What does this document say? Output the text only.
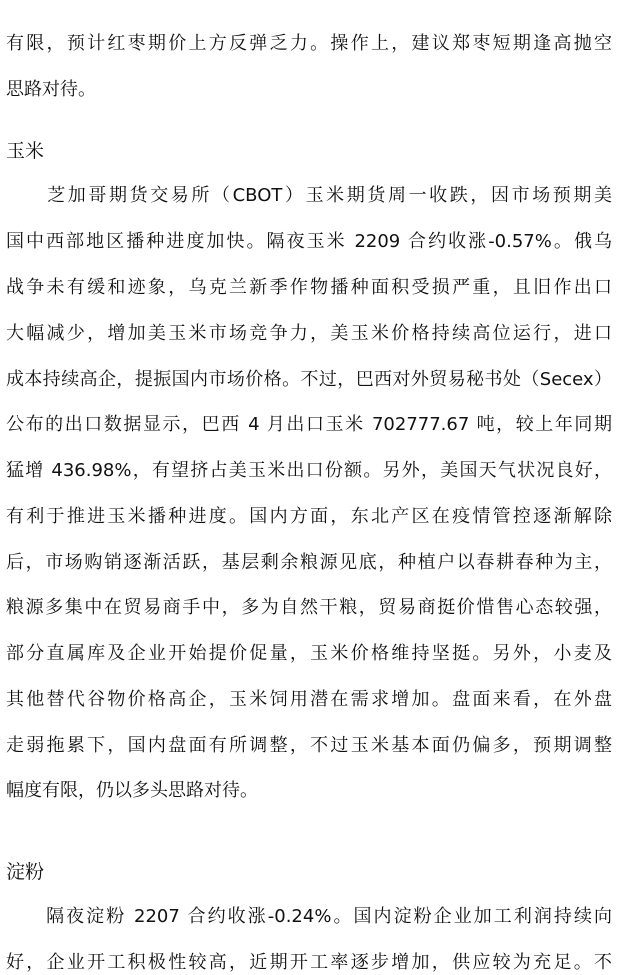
有限，预计红枣期价上方反弹乏力。操作上，建议郑枣短期逢高抛空
思路对待。
玉米
　　芝加哥期货交易所（CBOT）玉米期货周一收跌，因市场预期美
国中西部地区播种进度加快。隔夜玉米 2209 合约收涨-0.57%。俄乌
战争未有缓和迹象，乌克兰新季作物播种面积受损严重，且旧作出口
大幅减少，增加美玉米市场竞争力，美玉米价格持续高位运行，进口
成本持续高企，提振国内市场价格。不过，巴西对外贸易秘书处（Secex）
公布的出口数据显示，巴西 4 月出口玉米 702777.67 吨，较上年同期
猛增 436.98%，有望挤占美玉米出口份额。另外，美国天气状况良好，
有利于推进玉米播种进度。国内方面，东北产区在疫情管控逐渐解除
后，市场购销逐渐活跃，基层剩余粮源见底，种植户以春耕春种为主，
粮源多集中在贸易商手中，多为自然干粮，贸易商挺价惜售心态较强，
部分直属库及企业开始提价促量，玉米价格维持坚挺。另外，小麦及
其他替代谷物价格高企，玉米饲用潜在需求增加。盘面来看，在外盘
走弱拖累下，国内盘面有所调整，不过玉米基本面仍偏多，预期调整
幅度有限，仍以多头思路对待。
淀粉
　　隔夜淀粉 2207 合约收涨-0.24%。国内淀粉企业加工利润持续向
好，企业开工积极性较高，近期开工率逐步增加，供应较为充足。不
